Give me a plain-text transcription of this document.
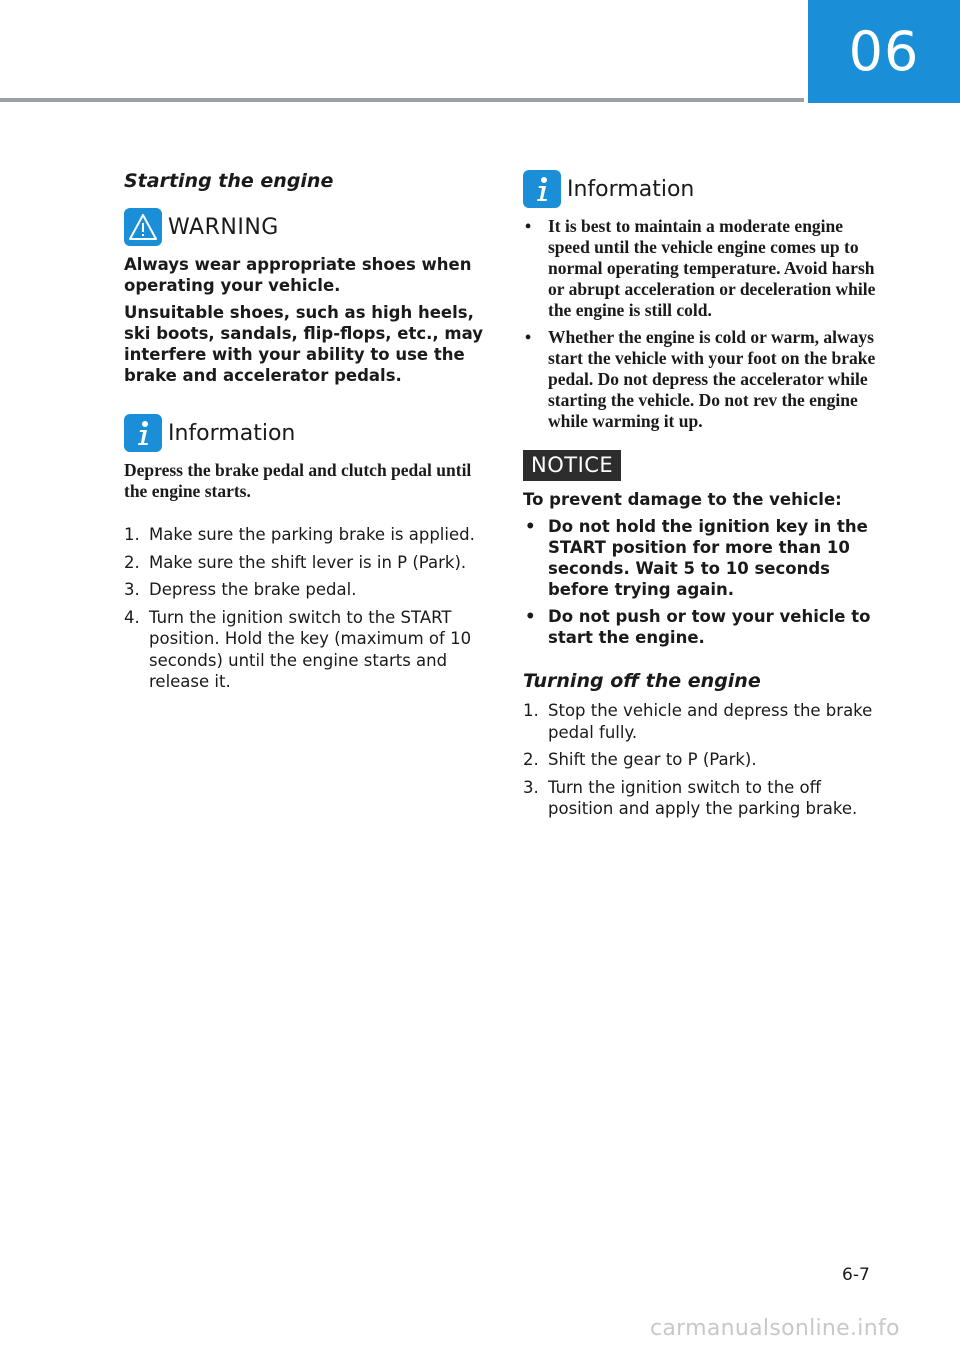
06
Starting the engine
WARNING

Always wear appropriate shoes when operating your vehicle.

Unsuitable shoes, such as high heels, ski boots, sandals, flip-flops, etc., may interfere with your ability to use the brake and accelerator pedals.

Information
Depress the brake pedal and clutch pedal until the engine starts.
1. Make sure the parking brake is applied.
2. Make sure the shift lever is in P (Park).
3. Depress the brake pedal.
4. Turn the ignition switch to the START position. Hold the key (maximum of 10 seconds) until the engine starts and release it.
Information
• It is best to maintain a moderate engine speed until the vehicle engine comes up to normal operating temperature. Avoid harsh or abrupt acceleration or deceleration while the engine is still cold.
• Whether the engine is cold or warm, always start the vehicle with your foot on the brake pedal. Do not depress the accelerator while starting the vehicle. Do not rev the engine while warming it up.
NOTICE

To prevent damage to the vehicle:

• Do not hold the ignition key in the START position for more than 10 seconds. Wait 5 to 10 seconds before trying again.
• Do not push or tow your vehicle to start the engine.
Turning off the engine
1. Stop the vehicle and depress the brake pedal fully.
2. Shift the gear to P (Park).
3. Turn the ignition switch to the off position and apply the parking brake.
6-7
carmanualsonline.info
